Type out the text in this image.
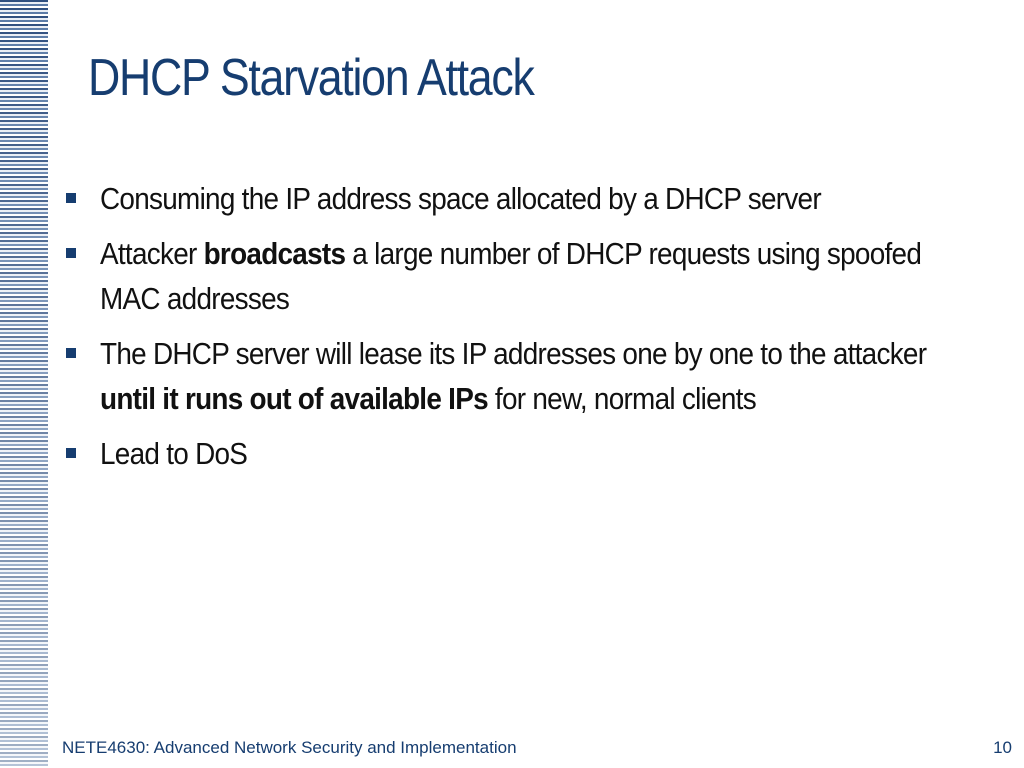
DHCP Starvation Attack
Consuming the IP address space allocated by a DHCP server
Attacker broadcasts a large number of DHCP requests using spoofed MAC addresses
The DHCP server will lease its IP addresses one by one to the attacker until it runs out of available IPs for new, normal clients
Lead to DoS
NETE4630: Advanced Network Security and Implementation	10
